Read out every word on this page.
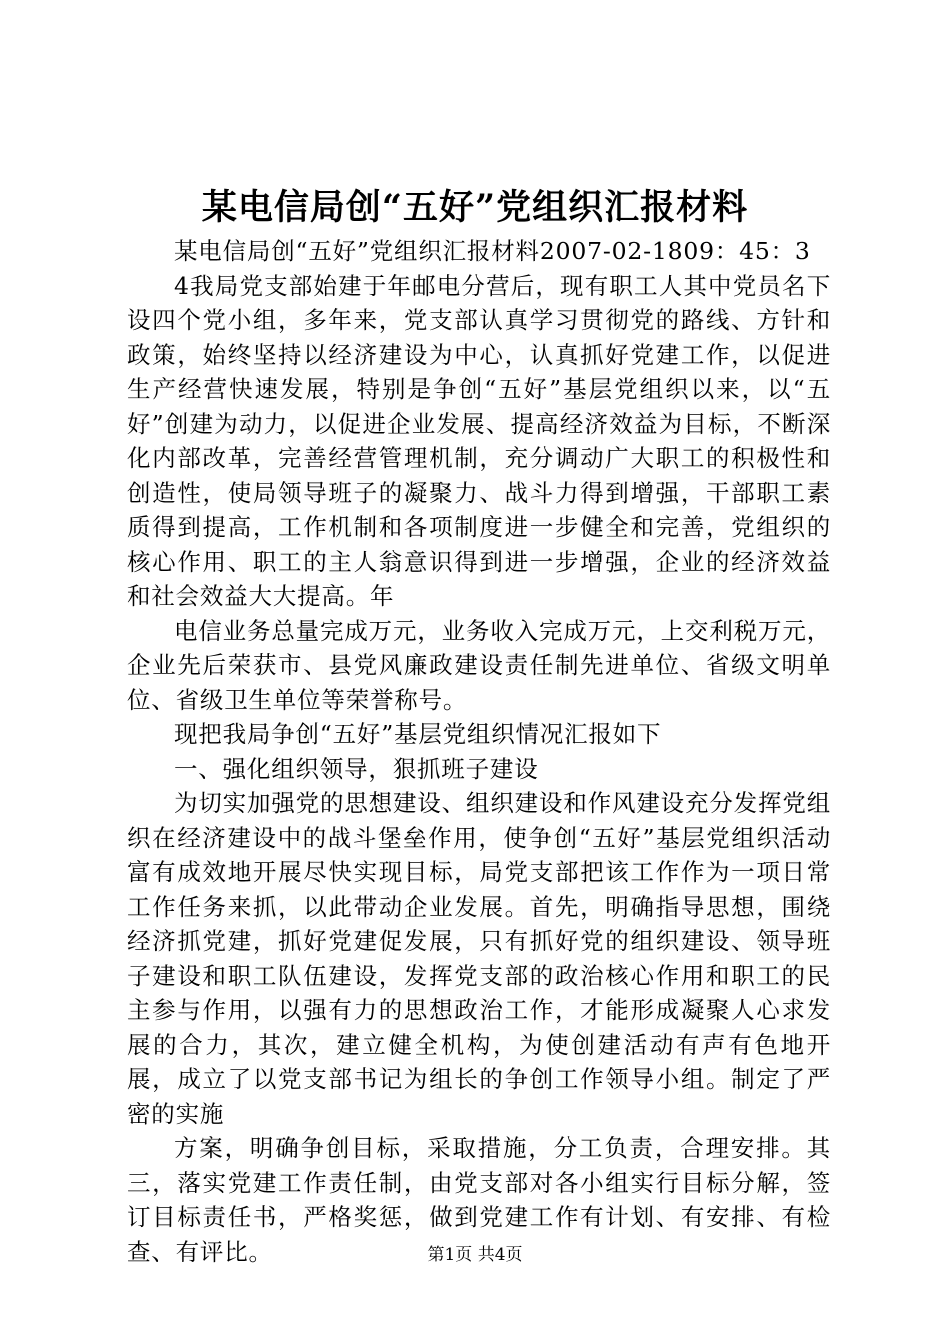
某电信局创“五好”党组织汇报材料

某电信局创“五好”党组织汇报材料2007-02-1809：45：3

4我局党支部始建于年邮电分营后，现有职工人其中党员名下设四个党小组，多年来，党支部认真学习贯彻党的路线、方针和政策，始终坚持以经济建设为中心，认真抓好党建工作，以促进生产经营快速发展，特别是争创“五好”基层党组织以来，以“五好”创建为动力，以促进企业发展、提高经济效益为目标，不断深化内部改革，完善经营管理机制，充分调动广大职工的积极性和创造性，使局领导班子的凝聚力、战斗力得到增强，干部职工素质得到提高，工作机制和各项制度进一步健全和完善，党组织的核心作用、职工的主人翁意识得到进一步增强，企业的经济效益和社会效益大大提高。年

电信业务总量完成万元，业务收入完成万元，上交利税万元，企业先后荣获市、县党风廉政建设责任制先进单位、省级文明单位、省级卫生单位等荣誉称号。

现把我局争创“五好”基层党组织情况汇报如下

一、强化组织领导，狠抓班子建设

为切实加强党的思想建设、组织建设和作风建设充分发挥党组织在经济建设中的战斗堡垒作用，使争创“五好”基层党组织活动富有成效地开展尽快实现目标，局党支部把该工作作为一项日常工作任务来抓，以此带动企业发展。首先，明确指导思想，围绕经济抓党建，抓好党建促发展，只有抓好党的组织建设、领导班子建设和职工队伍建设，发挥党支部的政治核心作用和职工的民主参与作用，以强有力的思想政治工作，才能形成凝聚人心求发展的合力，其次，建立健全机构，为使创建活动有声有色地开展，成立了以党支部书记为组长的争创工作领导小组。制定了严密的实施

方案，明确争创目标，采取措施，分工负责，合理安排。其三，落实党建工作责任制，由党支部对各小组实行目标分解，签订目标责任书，严格奖惩，做到党建工作有计划、有安排、有检查、有评比。	第1页 共4页
